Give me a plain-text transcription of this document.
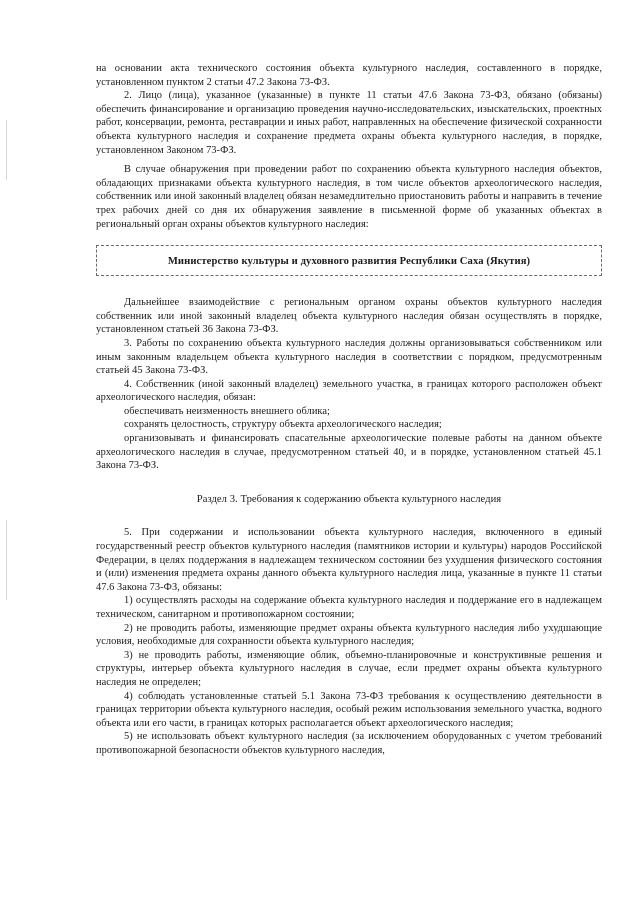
на основании акта технического состояния объекта культурного наследия, составленного в порядке, установленном пунктом 2 статьи 47.2 Закона 73-ФЗ.

2. Лицо (лица), указанное (указанные) в пункте 11 статьи 47.6 Закона 73-ФЗ, обязано (обязаны) обеспечить финансирование и организацию проведения научно-исследовательских, изыскательских, проектных работ, консервации, ремонта, реставрации и иных работ, направленных на обеспечение физической сохранности объекта культурного наследия и сохранение предмета охраны объекта культурного наследия, в порядке, установленном Законом 73-ФЗ.

В случае обнаружения при проведении работ по сохранению объекта культурного наследия объектов, обладающих признаками объекта культурного наследия, в том числе объектов археологического наследия, собственник или иной законный владелец обязан незамедлительно приостановить работы и направить в течение трех рабочих дней со дня их обнаружения заявление в письменной форме об указанных объектах в региональный орган охраны объектов культурного наследия:

Министерство культуры и духовного развития Республики Саха (Якутия)

Дальнейшее взаимодействие с региональным органом охраны объектов культурного наследия собственник или иной законный владелец объекта культурного наследия обязан осуществлять в порядке, установленном статьей 36 Закона 73-ФЗ.

3. Работы по сохранению объекта культурного наследия должны организовываться собственником или иным законным владельцем объекта культурного наследия в соответствии с порядком, предусмотренным статьей 45 Закона 73-ФЗ.

4. Собственник (иной законный владелец) земельного участка, в границах которого расположен объект археологического наследия, обязан:

обеспечивать неизменность внешнего облика;

сохранять целостность, структуру объекта археологического наследия;

организовывать и финансировать спасательные археологические полевые работы на данном объекте археологического наследия в случае, предусмотренном статьей 40, и в порядке, установленном статьей 45.1 Закона 73-ФЗ.

Раздел 3. Требования к содержанию объекта культурного наследия

5. При содержании и использовании объекта культурного наследия, включенного в единый государственный реестр объектов культурного наследия (памятников истории и культуры) народов Российской Федерации, в целях поддержания в надлежащем техническом состоянии без ухудшения физического состояния и (или) изменения предмета охраны данного объекта культурного наследия лица, указанные в пункте 11 статьи 47.6 Закона 73-ФЗ, обязаны:

1) осуществлять расходы на содержание объекта культурного наследия и поддержание его в надлежащем техническом, санитарном и противопожарном состоянии;

2) не проводить работы, изменяющие предмет охраны объекта культурного наследия либо ухудшающие условия, необходимые для сохранности объекта культурного наследия;

3) не проводить работы, изменяющие облик, объемно-планировочные и конструктивные решения и структуры, интерьер объекта культурного наследия в случае, если предмет охраны объекта культурного наследия не определен;

4) соблюдать установленные статьей 5.1 Закона 73-ФЗ требования к осуществлению деятельности в границах территории объекта культурного наследия, особый режим использования земельного участка, водного объекта или его части, в границах которых располагается объект археологического наследия;

5) не использовать объект культурного наследия (за исключением оборудованных с учетом требований противопожарной безопасности объектов культурного наследия,
